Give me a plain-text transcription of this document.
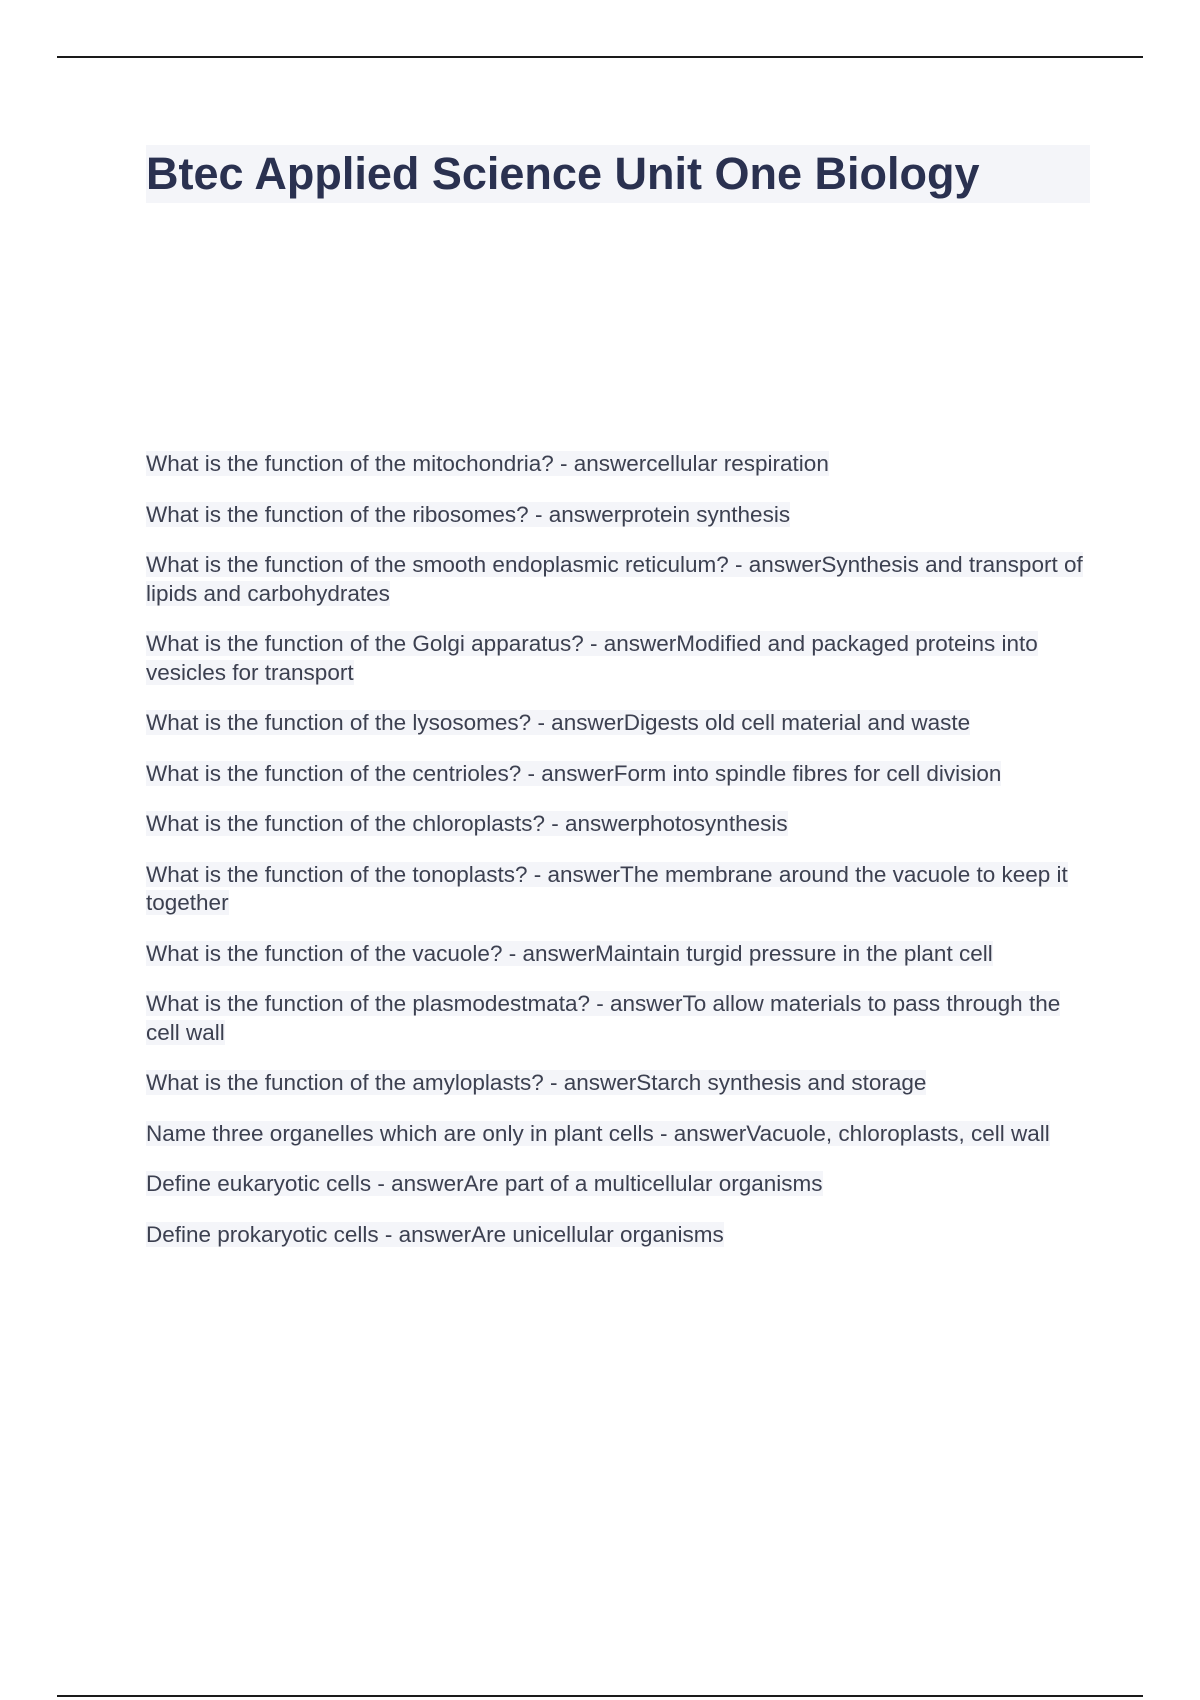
Btec Applied Science Unit One Biology

What is the function of the mitochondria? - answercellular respiration

What is the function of the ribosomes? - answerprotein synthesis

What is the function of the smooth endoplasmic reticulum? - answerSynthesis and transport of lipids and carbohydrates

What is the function of the Golgi apparatus? - answerModified and packaged proteins into vesicles for transport

What is the function of the lysosomes? - answerDigests old cell material and waste

What is the function of the centrioles? - answerForm into spindle fibres for cell division

What is the function of the chloroplasts? - answerphotosynthesis

What is the function of the tonoplasts? - answerThe membrane around the vacuole to keep it together

What is the function of the vacuole? - answerMaintain turgid pressure in the plant cell

What is the function of the plasmodestmata? - answerTo allow materials to pass through the cell wall

What is the function of the amyloplasts? - answerStarch synthesis and storage

Name three organelles which are only in plant cells - answerVacuole, chloroplasts, cell wall

Define eukaryotic cells - answerAre part of a multicellular organisms

Define prokaryotic cells - answerAre unicellular organisms
